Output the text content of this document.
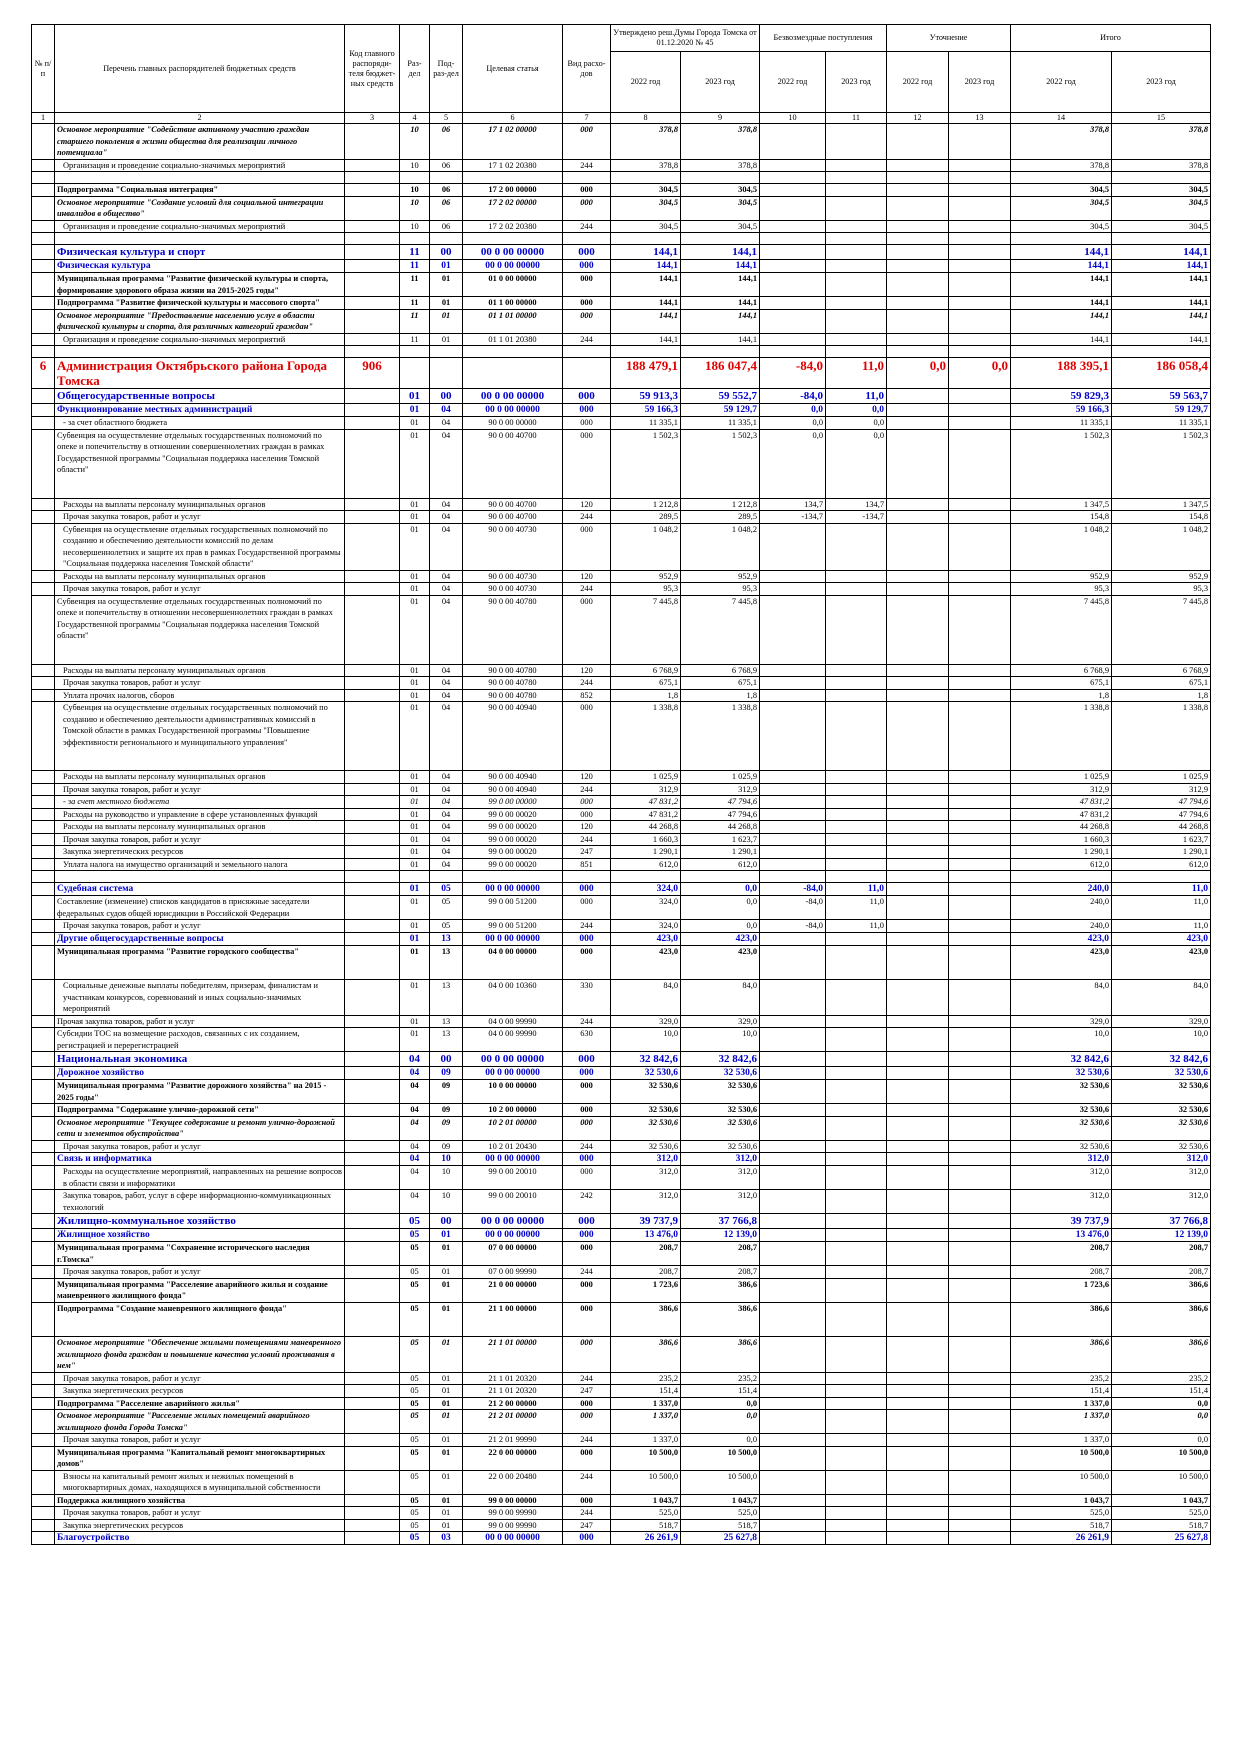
№ п/п	Перечень главных распорядителей бюджетных средств	Код главного распоряди-теля бюджет-ных средств	Раз-дел	Под-раз-дел	Целевая статья	Вид расхо-дов	Утверждено реш.Думы Города Томска от 01.12.2020 № 45		Безвозмездные поступления		Уточнение		Итого	
							2022 год	2023 год	2022 год	2023 год	2022 год	2023 год	2022 год	2023 год
1	2	3	4	5	6	7	8	9	10	11	12	13	14	15
	Основное мероприятие "Содействие активному участию граждан старшего поколения в жизни общества для реализации личного потенциала"		10	06	17 1 02 00000	000	378,8	378,8					378,8	378,8
	Организация и проведение социально-значимых мероприятий		10	06	17 1 02 20380	244	378,8	378,8					378,8	378,8

	Подпрограмма "Социальная интеграция"		10	06	17 2 00 00000	000	304,5	304,5					304,5	304,5
	Основное мероприятие "Создание условий для социальной интеграции инвалидов в общество"		10	06	17 2 02 00000	000	304,5	304,5					304,5	304,5
	Организация и проведение социально-значимых мероприятий		10	06	17 2 02 20380	244	304,5	304,5					304,5	304,5

	Физическая культура и спорт		11	00	00 0 00 00000	000	144,1	144,1					144,1	144,1
	Физическая культура		11	01	00 0 00 00000	000	144,1	144,1					144,1	144,1
	Муниципальная программа "Развитие физической культуры и спорта, формирование здорового образа жизни на 2015-2025 годы"		11	01	01 0 00 00000	000	144,1	144,1					144,1	144,1
	Подпрограмма "Развитие физической культуры и массового спорта"		11	01	01 1 00 00000	000	144,1	144,1					144,1	144,1
	Основное мероприятие "Предоставление населению услуг в области физической культуры и спорта, для различных категорий граждан"		11	01	01 1 01 00000	000	144,1	144,1					144,1	144,1
	Организация и проведение социально-значимых мероприятий		11	01	01 1 01 20380	244	144,1	144,1					144,1	144,1

6	Администрация Октябрьского района Города Томска	906					188 479,1	186 047,4	-84,0	11,0	0,0	0,0	188 395,1	186 058,4
	Общегосударственные вопросы		01	00	00 0 00 00000	000	59 913,3	59 552,7	-84,0	11,0			59 829,3	59 563,7
	Функционирование местных администраций		01	04	00 0 00 00000	000	59 166,3	59 129,7	0,0	0,0			59 166,3	59 129,7
	- за счет областного бюджета		01	04	90 0 00 00000	000	11 335,1	11 335,1	0,0	0,0			11 335,1	11 335,1
	Субвенция на осуществление отдельных государственных полномочий по опеке и попечительству в отношении совершеннолетних граждан в рамках Государственной программы "Социальная поддержка населения Томской области"		01	04	90 0 00 40700	000	1 502,3	1 502,3	0,0	0,0			1 502,3	1 502,3
	Расходы на выплаты персоналу муниципальных органов		01	04	90 0 00 40700	120	1 212,8	1 212,8	134,7	134,7			1 347,5	1 347,5
	Прочая закупка товаров, работ и услуг		01	04	90 0 00 40700	244	289,5	289,5	-134,7	-134,7			154,8	154,8
	Субвенция на осуществление отдельных государственных полномочий по созданию и обеспечению деятельности комиссий по делам несовершеннолетних и защите их прав в рамках Государственной программы "Социальная поддержка населения Томской области"		01	04	90 0 00 40730	000	1 048,2	1 048,2					1 048,2	1 048,2
	Расходы на выплаты персоналу муниципальных органов		01	04	90 0 00 40730	120	952,9	952,9					952,9	952,9
	Прочая закупка товаров, работ и услуг		01	04	90 0 00 40730	244	95,3	95,3					95,3	95,3
	Субвенция на осуществление отдельных государственных полномочий по опеке и попечительству в отношении несовершеннолетних граждан в рамках Государственной программы "Социальная поддержка населения Томской области"		01	04	90 0 00 40780	000	7 445,8	7 445,8					7 445,8	7 445,8
	Расходы на выплаты персоналу муниципальных органов		01	04	90 0 00 40780	120	6 768,9	6 768,9					6 768,9	6 768,9
	Прочая закупка товаров, работ и услуг		01	04	90 0 00 40780	244	675,1	675,1					675,1	675,1
	Уплата прочих налогов, сборов		01	04	90 0 00 40780	852	1,8	1,8					1,8	1,8
	Субвенция на осуществление отдельных государственных полномочий по созданию и обеспечению деятельности административных комиссий в Томской области в рамках Государственной программы "Повышение эффективности регионального и муниципального управления"		01	04	90 0 00 40940	000	1 338,8	1 338,8					1 338,8	1 338,8
	Расходы на выплаты персоналу муниципальных органов		01	04	90 0 00 40940	120	1 025,9	1 025,9					1 025,9	1 025,9
	Прочая закупка товаров, работ и услуг		01	04	90 0 00 40940	244	312,9	312,9					312,9	312,9
	- за счет местного бюджета		01	04	99 0 00 00000	000	47 831,2	47 794,6					47 831,2	47 794,6
	Расходы на руководство и управление в сфере установленных функций		01	04	99 0 00 00020	000	47 831,2	47 794,6					47 831,2	47 794,6
	Расходы на выплаты персоналу муниципальных органов		01	04	99 0 00 00020	120	44 268,8	44 268,8					44 268,8	44 268,8
	Прочая закупка товаров, работ и услуг		01	04	99 0 00 00020	244	1 660,3	1 623,7					1 660,3	1 623,7
	Закупка энергетических ресурсов		01	04	99 0 00 00020	247	1 290,1	1 290,1					1 290,1	1 290,1
	Уплата налога на имущество организаций и земельного налога		01	04	99 0 00 00020	851	612,0	612,0					612,0	612,0

	Судебная система		01	05	00 0 00 00000	000	324,0	0,0	-84,0	11,0			240,0	11,0
	Составление (изменение) списков кандидатов в присяжные заседатели федеральных судов общей юрисдикции в Российской Федерации		01	05	99 0 00 51200	000	324,0	0,0	-84,0	11,0			240,0	11,0
	Прочая закупка товаров, работ и услуг		01	05	99 0 00 51200	244	324,0	0,0	-84,0	11,0			240,0	11,0
	Другие общегосударственные вопросы		01	13	00 0 00 00000	000	423,0	423,0					423,0	423,0
	Муниципальная программа "Развитие городского сообщества"		01	13	04 0 00 00000	000	423,0	423,0					423,0	423,0
	Социальные денежные выплаты победителям, призерам, финалистам и участникам конкурсов, соревнований и иных социально-значимых мероприятий		01	13	04 0 00 10360	330	84,0	84,0					84,0	84,0
	Прочая закупка товаров, работ и услуг		01	13	04 0 00 99990	244	329,0	329,0					329,0	329,0
	Субсидии ТОС на возмещение расходов, связанных с их созданием, регистрацией и перерегистрацией		01	13	04 0 00 99990	630	10,0	10,0					10,0	10,0
	Национальная экономика		04	00	00 0 00 00000	000	32 842,6	32 842,6					32 842,6	32 842,6
	Дорожное хозяйство		04	09	00 0 00 00000	000	32 530,6	32 530,6					32 530,6	32 530,6
	Муниципальная программа "Развитие дорожного хозяйства" на 2015 - 2025 годы"		04	09	10 0 00 00000	000	32 530,6	32 530,6					32 530,6	32 530,6
	Подпрограмма "Содержание улично-дорожной сети"		04	09	10 2 00 00000	000	32 530,6	32 530,6					32 530,6	32 530,6
	Основное мероприятие "Текущее содержание и ремонт улично-дорожной сети и элементов обустройства"		04	09	10 2 01 00000	000	32 530,6	32 530,6					32 530,6	32 530,6
	Прочая закупка товаров, работ и услуг		04	09	10 2 01 20430	244	32 530,6	32 530,6					32 530,6	32 530,6
	Связь и информатика		04	10	00 0 00 00000	000	312,0	312,0					312,0	312,0
	Расходы на осуществление мероприятий, направленных на решение вопросов в области связи и информатики		04	10	99 0 00 20010	000	312,0	312,0					312,0	312,0
	Закупка товаров, работ, услуг в сфере информационно-коммуникационных технологий		04	10	99 0 00 20010	242	312,0	312,0					312,0	312,0
	Жилищно-коммунальное хозяйство		05	00	00 0 00 00000	000	39 737,9	37 766,8					39 737,9	37 766,8
	Жилищное хозяйство		05	01	00 0 00 00000	000	13 476,0	12 139,0					13 476,0	12 139,0
	Муниципальная программа "Сохранение исторического наследия г.Томска"		05	01	07 0 00 00000	000	208,7	208,7					208,7	208,7
	Прочая закупка товаров, работ и услуг		05	01	07 0 00 99990	244	208,7	208,7					208,7	208,7
	Муниципальная программа "Расселение аварийного жилья и создание маневренного жилищного фонда"		05	01	21 0 00 00000	000	1 723,6	386,6					1 723,6	386,6
	Подпрограмма "Создание маневренного жилищного фонда"		05	01	21 1 00 00000	000	386,6	386,6					386,6	386,6
	Основное мероприятие "Обеспечение жилыми помещениями маневренного жилищного фонда граждан и повышение качества условий проживания в нем"		05	01	21 1 01 00000	000	386,6	386,6					386,6	386,6
	Прочая закупка товаров, работ и услуг		05	01	21 1 01 20320	244	235,2	235,2					235,2	235,2
	Закупка энергетических ресурсов		05	01	21 1 01 20320	247	151,4	151,4					151,4	151,4
	Подпрограмма "Расселение аварийного жилья"		05	01	21 2 00 00000	000	1 337,0	0,0					1 337,0	0,0
	Основное мероприятие "Расселение жилых помещений аварийного жилищного фонда Города Томска"		05	01	21 2 01 00000	000	1 337,0	0,0					1 337,0	0,0
	Прочая закупка товаров, работ и услуг		05	01	21 2 01 99990	244	1 337,0	0,0					1 337,0	0,0
	Муниципальная программа "Капитальный ремонт многоквартирных домов"		05	01	22 0 00 00000	000	10 500,0	10 500,0					10 500,0	10 500,0
	Взносы на капитальный ремонт жилых и нежилых помещений в многоквартирных домах, находящихся в муниципальной собственности		05	01	22 0 00 20480	244	10 500,0	10 500,0					10 500,0	10 500,0
	Поддержка жилищного хозяйства		05	01	99 0 00 00000	000	1 043,7	1 043,7					1 043,7	1 043,7
	Прочая закупка товаров, работ и услуг		05	01	99 0 00 99990	244	525,0	525,0					525,0	525,0
	Закупка энергетических ресурсов		05	01	99 0 00 99990	247	518,7	518,7					518,7	518,7
	Благоустройство		05	03	00 0 00 00000	000	26 261,9	25 627,8					26 261,9	25 627,8
